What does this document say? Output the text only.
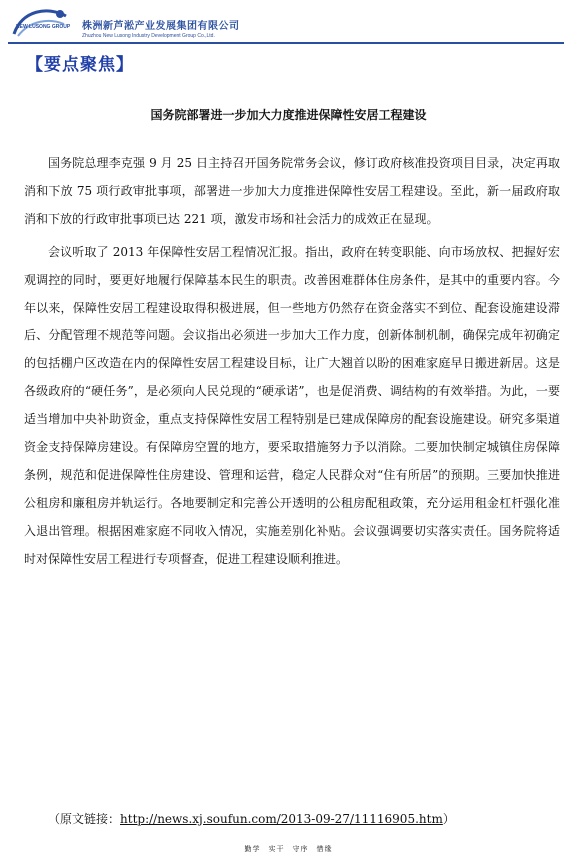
NEW LUSONG GROUP 株洲新芦淞产业发展集团有限公司
Zhuzhou New Lusong Industry Development Group Co.,Ltd.
【要点聚焦】
国务院部署进一步加大力度推进保障性安居工程建设

国务院总理李克强 9 月 25 日主持召开国务院常务会议，修订政府核准投资项目目录，决定再取消和下放 75 项行政审批事项，部署进一步加大力度推进保障性安居工程建设。至此，新一届政府取消和下放的行政审批事项已达 221 项，激发市场和社会活力的成效正在显现。

会议听取了 2013 年保障性安居工程情况汇报。指出，政府在转变职能、向市场放权、把握好宏观调控的同时，要更好地履行保障基本民生的职责。改善困难群体住房条件，是其中的重要内容。今年以来，保障性安居工程建设取得积极进展，但一些地方仍然存在资金落实不到位、配套设施建设滞后、分配管理不规范等问题。会议指出必须进一步加大工作力度，创新体制机制，确保完成年初确定的包括棚户区改造在内的保障性安居工程建设目标，让广大翘首以盼的困难家庭早日搬进新居。这是各级政府的“硬任务”，是必须向人民兑现的“硬承诺”，也是促消费、调结构的有效举措。为此，一要适当增加中央补助资金，重点支持保障性安居工程特别是已建成保障房的配套设施建设。研究多渠道资金支持保障房建设。有保障房空置的地方，要采取措施努力予以消除。二要加快制定城镇住房保障条例，规范和促进保障性住房建设、管理和运营，稳定人民群众对“住有所居”的预期。三要加快推进公租房和廉租房并轨运行。各地要制定和完善公开透明的公租房配租政策，充分运用租金杠杆强化准入退出管理。根据困难家庭不同收入情况，实施差别化补贴。会议强调要切实落实责任。国务院将适时对保障性安居工程进行专项督查，促进工程建设顺利推进。

（原文链接：http://news.xj.soufun.com/2013-09-27/11116905.htm）
勤学　实干　守序　惜缘
